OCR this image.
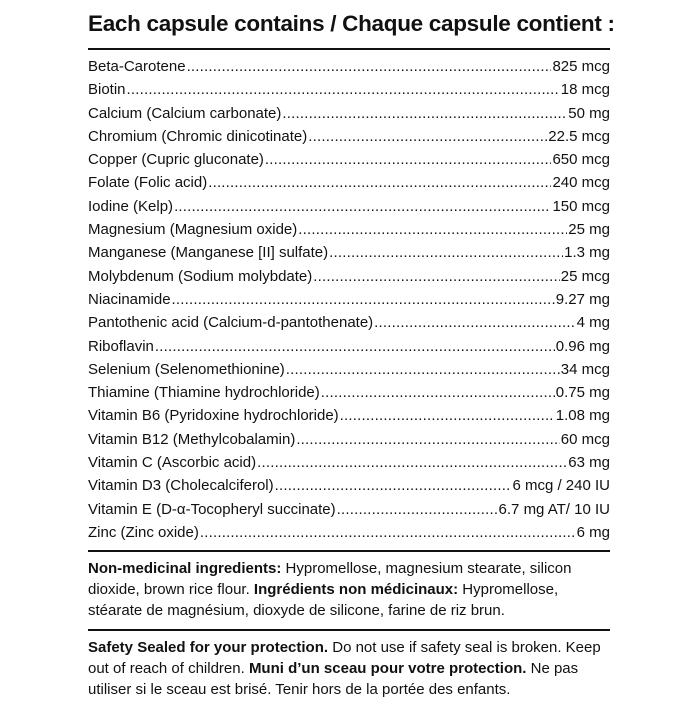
Each capsule contains / Chaque capsule contient :
Beta-Carotene .....	825 mcg
Biotin .....	18 mcg
Calcium (Calcium carbonate) .....	50 mg
Chromium (Chromic dinicotinate) .....	22.5 mcg
Copper (Cupric gluconate) .....	650 mcg
Folate (Folic acid) .....	240 mcg
Iodine (Kelp) .....	150 mcg
Magnesium (Magnesium oxide) .....	25 mg
Manganese (Manganese [II] sulfate) .....	1.3 mg
Molybdenum (Sodium molybdate) .....	25 mcg
Niacinamide .....	9.27 mg
Pantothenic acid (Calcium-d-pantothenate) .....	4 mg
Riboflavin .....	0.96 mg
Selenium (Selenomethionine) .....	34 mcg
Thiamine (Thiamine hydrochloride) .....	0.75 mg
Vitamin B6 (Pyridoxine hydrochloride) .....	1.08 mg
Vitamin B12 (Methylcobalamin) .....	60 mcg
Vitamin C (Ascorbic acid) .....	63 mg
Vitamin D3 (Cholecalciferol) .....	6 mcg / 240 IU
Vitamin E (D-α-Tocopheryl succinate) .....	6.7 mg AT/ 10 IU
Zinc (Zinc oxide) .....	6 mg
Non-medicinal ingredients: Hypromellose, magnesium stearate, silicon dioxide, brown rice flour. Ingrédients non médicinaux: Hypromellose, stéarate de magnésium, dioxyde de silicone, farine de riz brun.
Safety Sealed for your protection. Do not use if safety seal is broken. Keep out of reach of children. Muni d’un sceau pour votre protection. Ne pas utiliser si le sceau est brisé. Tenir hors de la portée des enfants.
